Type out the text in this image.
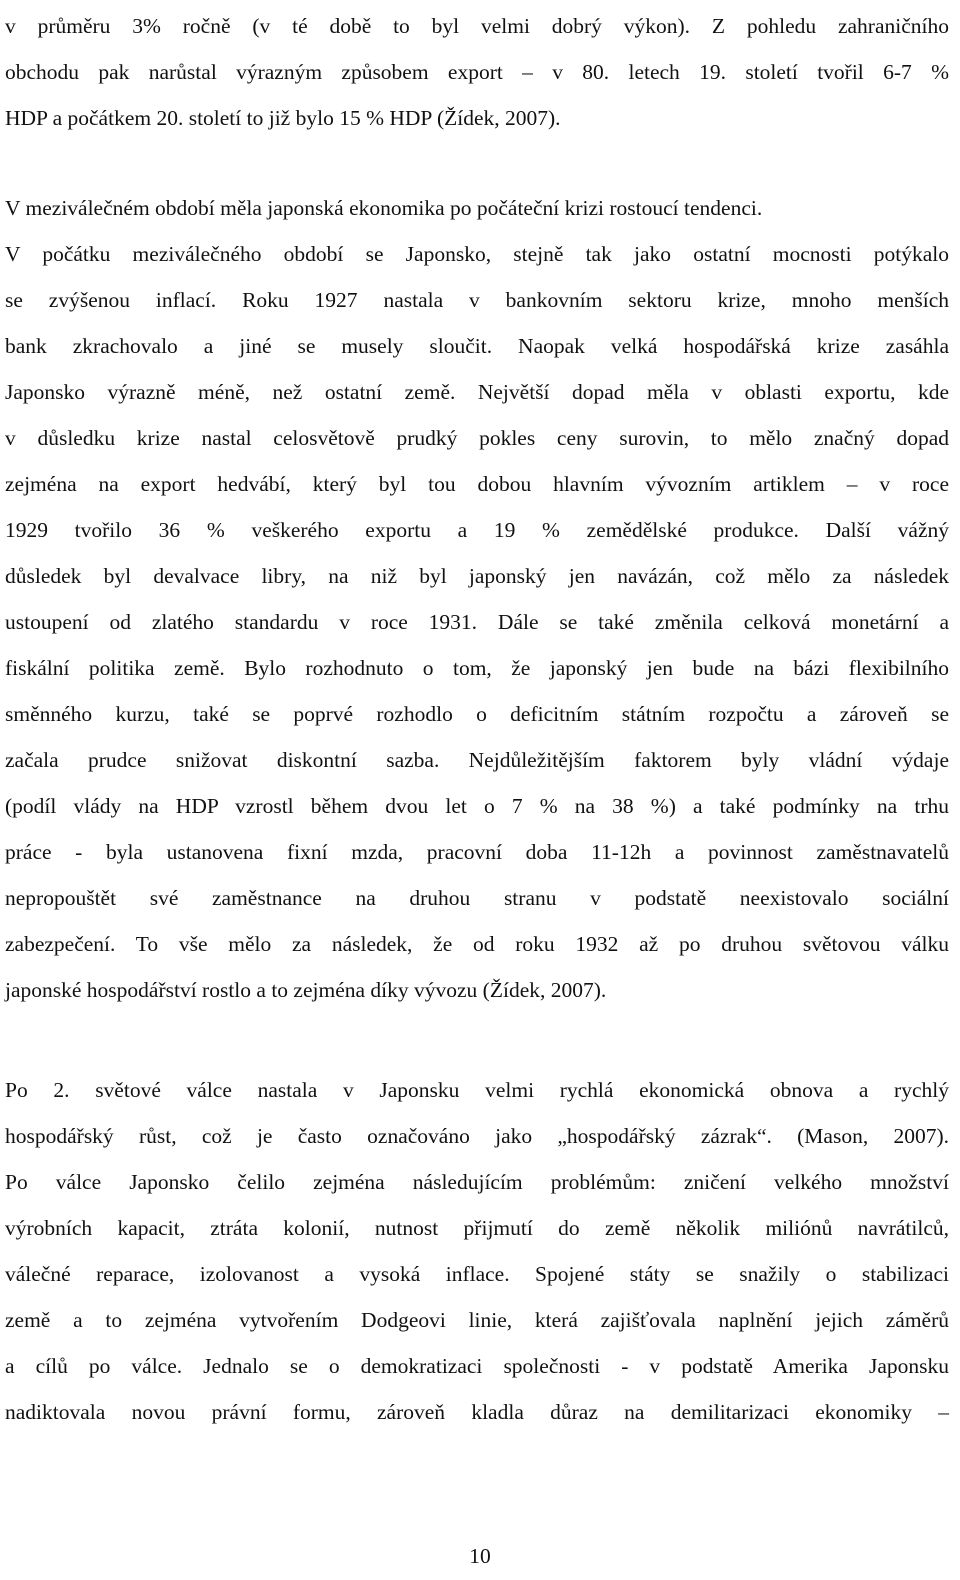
v průměru 3% ročně (v té době to byl velmi dobrý výkon). Z pohledu zahraničního
obchodu pak narůstal výrazným způsobem export – v 80. letech 19. století tvořil 6-7 %
HDP a počátkem 20. století to již bylo 15 % HDP (Žídek, 2007).
V meziválečném období měla japonská ekonomika po počáteční krizi rostoucí tendenci.
V počátku meziválečného období se Japonsko, stejně tak jako ostatní mocnosti potýkalo
se zvýšenou inflací. Roku 1927 nastala v bankovním sektoru krize, mnoho menších
bank zkrachovalo a jiné se musely sloučit. Naopak velká hospodářská krize zasáhla
Japonsko výrazně méně, než ostatní země. Největší dopad měla v oblasti exportu, kde
v důsledku krize nastal celosvětově prudký pokles ceny surovin, to mělo značný dopad
zejména na export hedvábí, který byl tou dobou hlavním vývozním artiklem – v roce
1929 tvořilo 36 % veškerého exportu a 19 % zemědělské produkce. Další vážný
důsledek byl devalvace libry, na niž byl japonský jen navázán, což mělo za následek
ustoupení od zlatého standardu v roce 1931. Dále se také změnila celková monetární a
fiskální politika země. Bylo rozhodnuto o tom, že japonský jen bude na bázi flexibilního
směnného kurzu, také se poprvé rozhodlo o deficitním státním rozpočtu a zároveň se
začala prudce snižovat diskontní sazba. Nejdůležitějším faktorem byly vládní výdaje
(podíl vlády na HDP vzrostl během dvou let o 7 % na 38 %) a také podmínky na trhu
práce - byla ustanovena fixní mzda, pracovní doba 11-12h a povinnost zaměstnavatelů
nepropouštět své zaměstnance na druhou stranu v podstatě neexistovalo sociální
zabezpečení. To vše mělo za následek, že od roku 1932 až po druhou světovou válku
japonské hospodářství rostlo a to zejména díky vývozu (Žídek, 2007).
Po 2. světové válce nastala v Japonsku velmi rychlá ekonomická obnova a rychlý
hospodářský růst, což je často označováno jako „hospodářský zázrak“. (Mason, 2007).
Po válce Japonsko čelilo zejména následujícím problémům: zničení velkého množství
výrobních kapacit, ztráta kolonií, nutnost přijmutí do země několik miliónů navrátilců,
válečné reparace, izolovanost a vysoká inflace. Spojené státy se snažily o stabilizaci
země a to zejména vytvořením Dodgeovi linie, která zajišťovala naplnění jejich záměrů
a cílů po válce. Jednalo se o demokratizaci společnosti - v podstatě Amerika Japonsku
nadiktovala novou právní formu, zároveň kladla důraz na demilitarizaci ekonomiky –
10
